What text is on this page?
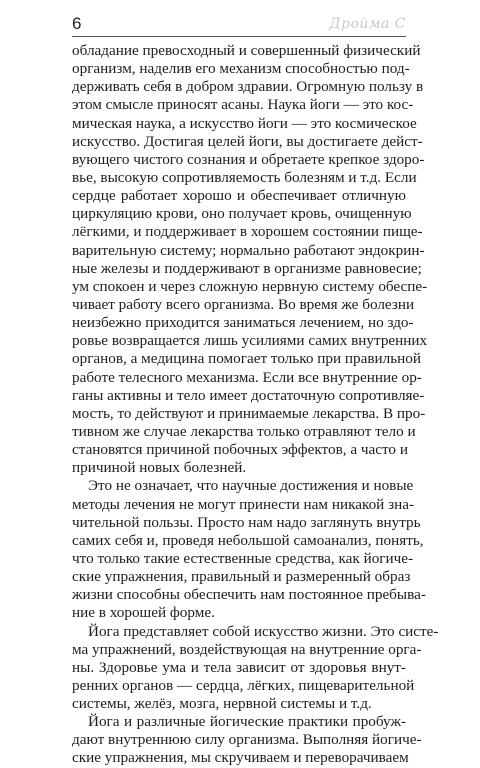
6	Дройма С
обладание превосходный и совершенный физический
организм, наделив его механизм способностью под-
держивать себя в добром здравии. Огромную пользу в
этом смысле приносят асаны. Наука йоги — это кос-
мическая наука, а искусство йоги — это космическое
искусство. Достигая целей йоги, вы достигаете дейст-
вующего чистого сознания и обретаете крепкое здоро-
вье, высокую сопротивляемость болезням и т.д. Если
сердце работает хорошо и обеспечивает отличную
циркуляцию крови, оно получает кровь, очищенную
лёгкими, и поддерживает в хорошем состоянии пище-
варительную систему; нормально работают эндокрин-
ные железы и поддерживают в организме равновесие;
ум спокоен и через сложную нервную систему обеспе-
чивает работу всего организма. Во время же болезни
неизбежно приходится заниматься лечением, но здо-
ровье возвращается лишь усилиями самих внутренних
органов, а медицина помогает только при правильной
работе телесного механизма. Если все внутренние ор-
ганы активны и тело имеет достаточную сопротивляе-
мость, то действуют и принимаемые лекарства. В про-
тивном же случае лекарства только отравляют тело и
становятся причиной побочных эффектов, а часто и
причиной новых болезней.
Это не означает, что научные достижения и новые
методы лечения не могут принести нам никакой зна-
чительной пользы. Просто нам надо заглянуть внутрь
самих себя и, проведя небольшой самоанализ, понять,
что только такие естественные средства, как йогиче-
ские упражнения, правильный и размеренный образ
жизни способны обеспечить нам постоянное пребыва-
ние в хорошей форме.
Йога представляет собой искусство жизни. Это систе-
ма упражнений, воздействующая на внутренние орга-
ны. Здоровье ума и тела зависит от здоровья внут-
ренних органов — сердца, лёгких, пищеварительной
системы, желёз, мозга, нервной системы и т.д.
Йога и различные йогические практики пробуж-
дают внутреннюю силу организма. Выполняя йогиче-
ские упражнения, мы скручиваем и переворачиваем
